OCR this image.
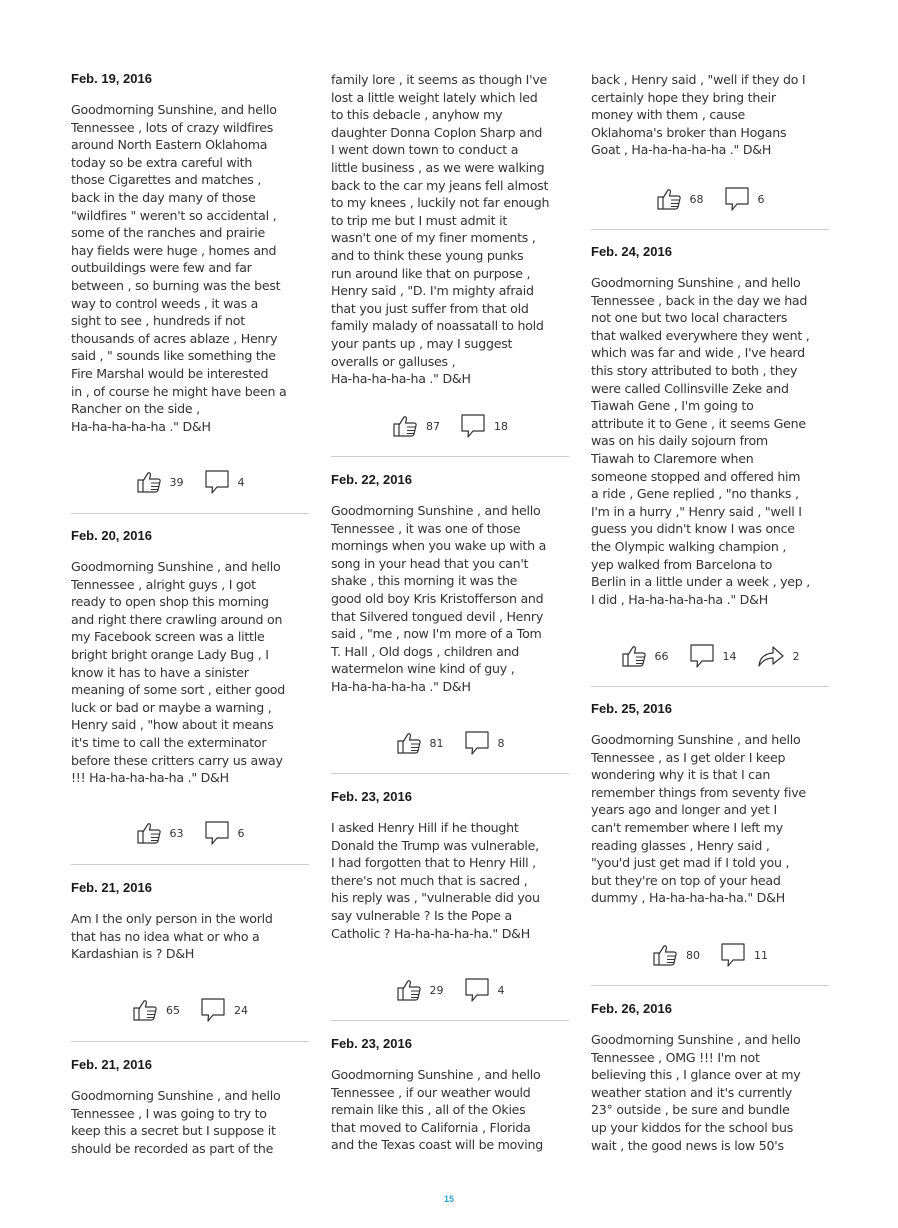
Feb. 19, 2016

Goodmorning Sunshine, and hello
Tennessee , lots of crazy wildfires
around North Eastern Oklahoma
today so be extra careful with
those Cigarettes and matches ,
back in the day many of those
"wildfires " weren't so accidental ,
some of the ranches and prairie
hay fields were huge , homes and
outbuildings were few and far
between , so burning was the best
way to control weeds , it was a
sight to see , hundreds if not
thousands of acres ablaze , Henry
said , " sounds like something the
Fire Marshal would be interested
in , of course he might have been a
Rancher on the side ,
Ha-ha-ha-ha-ha ." D&H

39	4

Feb. 20, 2016

Goodmorning Sunshine , and hello
Tennessee , alright guys , I got
ready to open shop this morning
and right there crawling around on
my Facebook screen was a little
bright bright orange Lady Bug , I
know it has to have a sinister
meaning of some sort , either good
luck or bad or maybe a warning ,
Henry said , "how about it means
it's time to call the exterminator
before these critters carry us away
!!! Ha-ha-ha-ha-ha ." D&H

63	6

Feb. 21, 2016

Am I the only person in the world
that has no idea what or who a
Kardashian is ? D&H

65	24

Feb. 21, 2016

Goodmorning Sunshine , and hello
Tennessee , I was going to try to
keep this a secret but I suppose it
should be recorded as part of the

family lore , it seems as though I've
lost a little weight lately which led
to this debacle , anyhow my
daughter Donna Coplon Sharp and
I went down town to conduct a
little business , as we were walking
back to the car my jeans fell almost
to my knees , luckily not far enough
to trip me but I must admit it
wasn't one of my finer moments ,
and to think these young punks
run around like that on purpose ,
Henry said , "D. I'm mighty afraid
that you just suffer from that old
family malady of noassatall to hold
your pants up , may I suggest
overalls or galluses ,
Ha-ha-ha-ha-ha ." D&H

87	18

Feb. 22, 2016

Goodmorning Sunshine , and hello
Tennessee , it was one of those
mornings when you wake up with a
song in your head that you can't
shake , this morning it was the
good old boy Kris Kristofferson and
that Silvered tongued devil , Henry
said , "me , now I'm more of a Tom
T. Hall , Old dogs , children and
watermelon wine kind of guy ,
Ha-ha-ha-ha-ha ." D&H

81	8

Feb. 23, 2016

I asked Henry Hill if he thought
Donald the Trump was vulnerable,
I had forgotten that to Henry Hill ,
there's not much that is sacred ,
his reply was , "vulnerable did you
say vulnerable ? Is the Pope a
Catholic ? Ha-ha-ha-ha-ha." D&H

29	4

Feb. 23, 2016

Goodmorning Sunshine , and hello
Tennessee , if our weather would
remain like this , all of the Okies
that moved to California , Florida
and the Texas coast will be moving

back , Henry said , "well if they do I
certainly hope they bring their
money with them , cause
Oklahoma's broker than Hogans
Goat , Ha-ha-ha-ha-ha ." D&H

68	6

Feb. 24, 2016

Goodmorning Sunshine , and hello
Tennessee , back in the day we had
not one but two local characters
that walked everywhere they went ,
which was far and wide , I've heard
this story attributed to both , they
were called Collinsville Zeke and
Tiawah Gene , I'm going to
attribute it to Gene , it seems Gene
was on his daily sojourn from
Tiawah to Claremore when
someone stopped and offered him
a ride , Gene replied , "no thanks ,
I'm in a hurry ," Henry said , "well I
guess you didn't know I was once
the Olympic walking champion ,
yep walked from Barcelona to
Berlin in a little under a week , yep ,
I did , Ha-ha-ha-ha-ha ." D&H

66	14	2

Feb. 25, 2016

Goodmorning Sunshine , and hello
Tennessee , as I get older I keep
wondering why it is that I can
remember things from seventy five
years ago and longer and yet I
can't remember where I left my
reading glasses , Henry said ,
"you'd just get mad if I told you ,
but they're on top of your head
dummy , Ha-ha-ha-ha-ha." D&H

80	11

Feb. 26, 2016

Goodmorning Sunshine , and hello
Tennessee , OMG !!! I'm not
believing this , I glance over at my
weather station and it's currently
23° outside , be sure and bundle
up your kiddos for the school bus
wait , the good news is low 50's

15
